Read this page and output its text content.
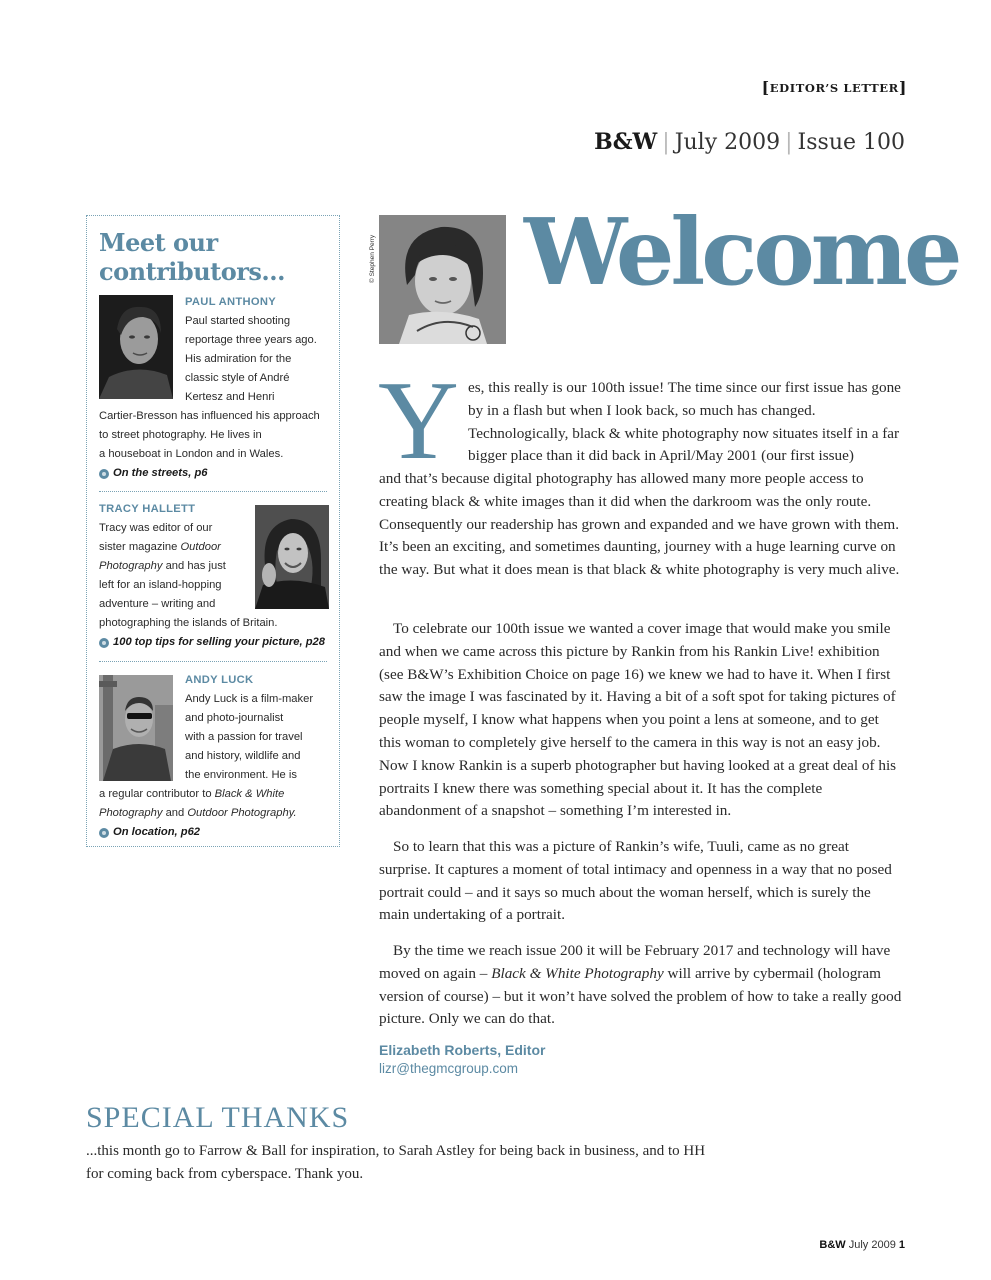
[EDITOR’S LETTER]
B&W | July 2009 | Issue 100
Meet our
contributors...
PAUL ANTHONY
Paul started shooting
reportage three years ago.
His admiration for the
classic style of André
Kertesz and Henri
Cartier-Bresson has influenced his approach
to street photography. He lives in
a houseboat in London and in Wales.
On the streets, p6
TRACY HALLETT
Tracy was editor of our
sister magazine Outdoor
Photography and has just
left for an island-hopping
adventure – writing and
photographing the islands of Britain.
100 top tips for selling your picture, p28
ANDY LUCK
Andy Luck is a film-maker
and photo-journalist
with a passion for travel
and history, wildlife and
the environment. He is
a regular contributor to Black & White
Photography and Outdoor Photography.
On location, p62
© Stephen Perry Welcome
Y es, this really is our 100th issue! The time since our first issue has gone by in a flash but when I look back, so much has changed. Technologically, black & white photography now situates itself in a far bigger place than it did back in April/May 2001 (our first issue)

and that’s because digital photography has allowed many more people access to creating black & white images than it did when the darkroom was the only route. Consequently our readership has grown and expanded and we have grown with them. It’s been an exciting, and sometimes daunting, journey with a huge learning curve on the way. But what it does mean is that black & white photography is very much alive.

To celebrate our 100th issue we wanted a cover image that would make you smile and when we came across this picture by Rankin from his Rankin Live! exhibition (see B&W’s Exhibition Choice on page 16) we knew we had to have it. When I first saw the image I was fascinated by it. Having a bit of a soft spot for taking pictures of people myself, I know what happens when you point a lens at someone, and to get this woman to completely give herself to the camera in this way is not an easy job. Now I know Rankin is a superb photographer but having looked at a great deal of his portraits I knew there was something special about it. It has the complete abandonment of a snapshot – something I’m interested in.

So to learn that this was a picture of Rankin’s wife, Tuuli, came as no great surprise. It captures a moment of total intimacy and openness in a way that no posed portrait could – and it says so much about the woman herself, which is surely the main undertaking of a portrait.

By the time we reach issue 200 it will be February 2017 and technology will have moved on again – Black & White Photography will arrive by cybermail (hologram version of course) – but it won’t have solved the problem of how to take a really good picture. Only we can do that.

Elizabeth Roberts, Editor
lizr@thegmcgroup.com
SPECIAL THANKS

...this month go to Farrow & Ball for inspiration, to Sarah Astley for being back in business, and to HH for coming back from cyberspace. Thank you.

B&W July 2009 1
